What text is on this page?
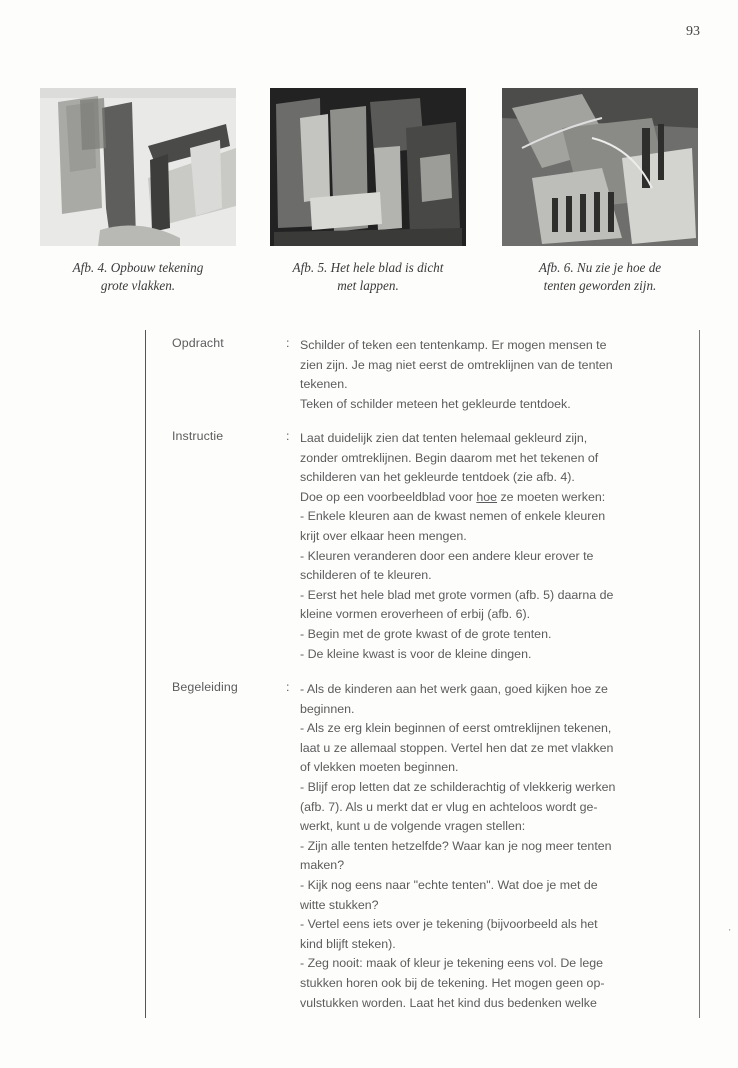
93
Afb. 4. Opbouw tekening
grote vlakken.
Afb. 5. Het hele blad is dicht
met lappen.
Afb. 6. Nu zie je hoe de
tenten geworden zijn.
'
Opdracht	: Schilder of teken een tentenkamp. Er mogen mensen te

zien zijn. Je mag niet eerst de omtreklijnen van de tenten

tekenen.

Teken of schilder meteen het gekleurde tentdoek.

Instructie	: Laat duidelijk zien dat tenten helemaal gekleurd zijn,

zonder omtreklijnen. Begin daarom met het tekenen of

schilderen van het gekleurde tentdoek (zie afb. 4).

Doe op een voorbeeldblad voor hoe ze moeten werken:

- Enkele kleuren aan de kwast nemen of enkele kleuren

krijt over elkaar heen mengen.

- Kleuren veranderen door een andere kleur erover te

schilderen of te kleuren.

- Eerst het hele blad met grote vormen (afb. 5) daarna de

kleine vormen eroverheen of erbij (afb. 6).

- Begin met de grote kwast of de grote tenten.

- De kleine kwast is voor de kleine dingen.

Begeleiding	: - Als de kinderen aan het werk gaan, goed kijken hoe ze

beginnen.

- Als ze erg klein beginnen of eerst omtreklijnen tekenen,

laat u ze allemaal stoppen. Vertel hen dat ze met vlakken

of vlekken moeten beginnen.

- Blijf erop letten dat ze schilderachtig of vlekkerig werken

(afb. 7). Als u merkt dat er vlug en achteloos wordt ge-

werkt, kunt u de volgende vragen stellen:

- Zijn alle tenten hetzelfde? Waar kan je nog meer tenten

maken?

- Kijk nog eens naar "echte tenten". Wat doe je met de

witte stukken?

- Vertel eens iets over je tekening (bijvoorbeeld als het

kind blijft steken).

- Zeg nooit: maak of kleur je tekening eens vol. De lege

stukken horen ook bij de tekening. Het mogen geen op-

vulstukken worden. Laat het kind dus bedenken welke
